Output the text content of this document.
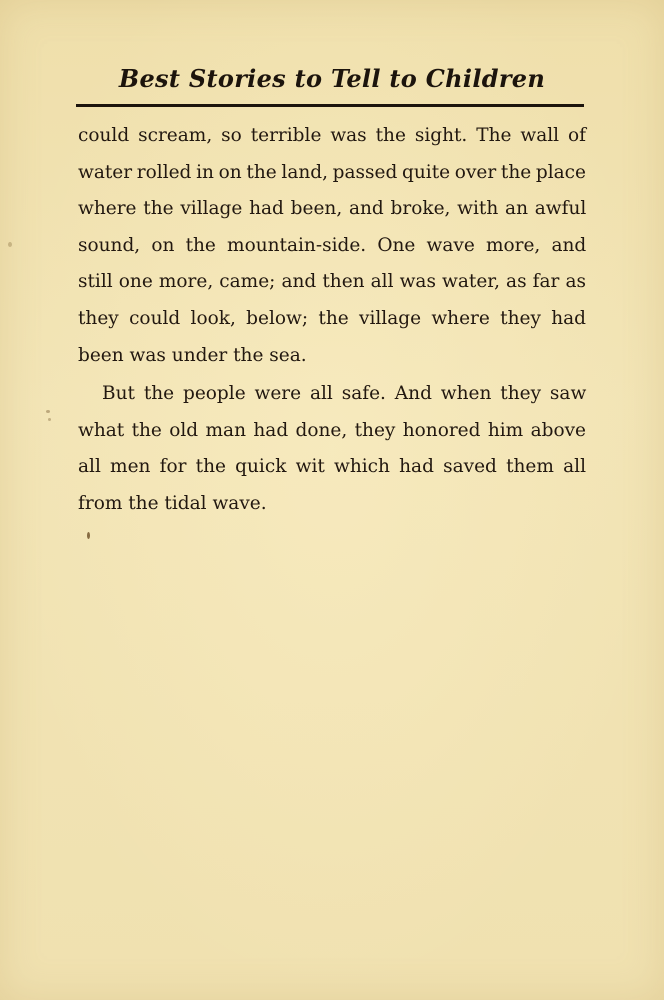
Best Stories to Tell to Children
could scream, so terrible was the sight. The wall of
water rolled in on the land, passed quite over the place
where the village had been, and broke, with an awful
sound, on the mountain-side. One wave more, and
still one more, came; and then all was water, as far as
they could look, below; the village where they had
been was under the sea.
But the people were all safe. And when they saw
what the old man had done, they honored him above
all men for the quick wit which had saved them all
from the tidal wave.
